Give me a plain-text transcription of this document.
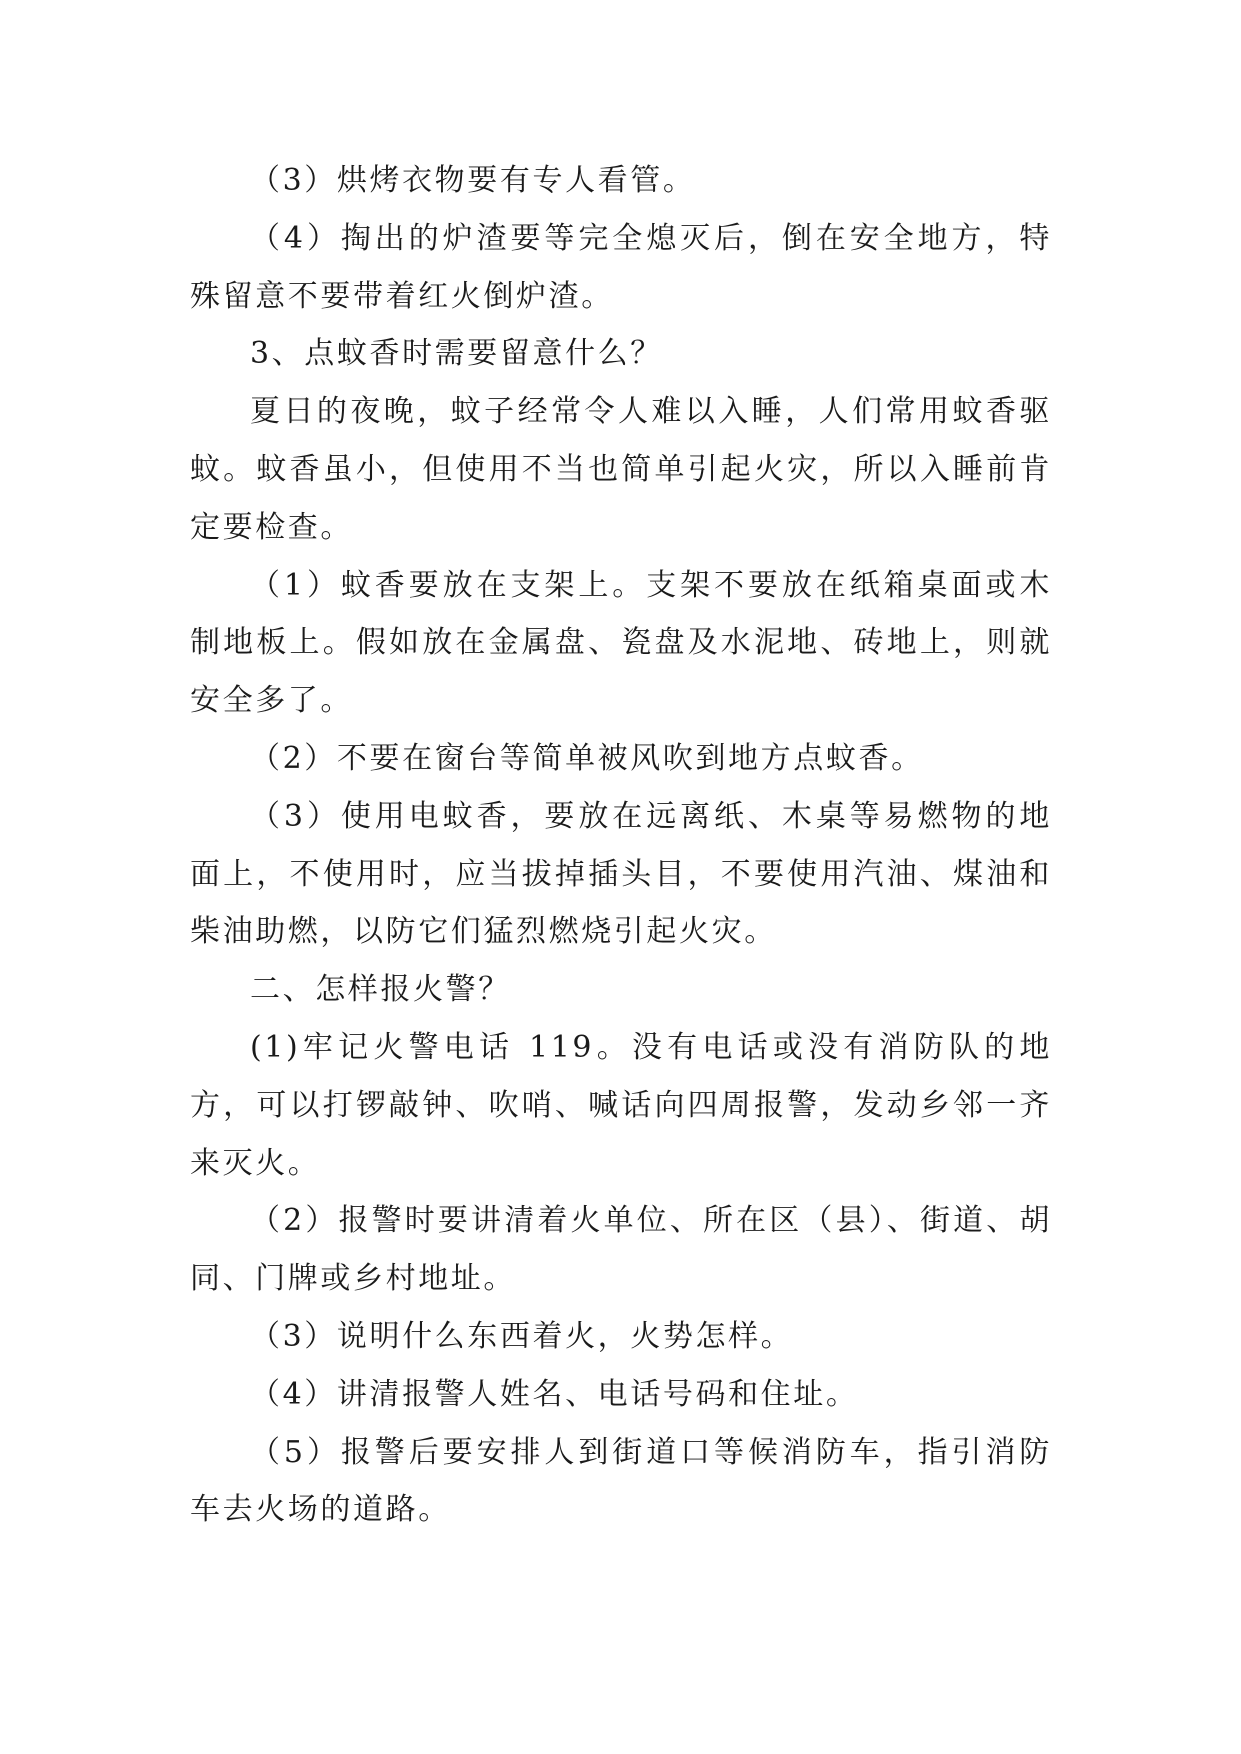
（3）烘烤衣物要有专人看管。

（4）掏出的炉渣要等完全熄灭后，倒在安全地方，特殊留意不要带着红火倒炉渣。

3、点蚊香时需要留意什么？

夏日的夜晚，蚊子经常令人难以入睡，人们常用蚊香驱蚊。蚊香虽小，但使用不当也简单引起火灾，所以入睡前肯定要检查。

（1）蚊香要放在支架上。支架不要放在纸箱桌面或木制地板上。假如放在金属盘、瓷盘及水泥地、砖地上，则就安全多了。

（2）不要在窗台等简单被风吹到地方点蚊香。

（3）使用电蚊香，要放在远离纸、木桌等易燃物的地面上，不使用时，应当拔掉插头目，不要使用汽油、煤油和柴油助燃，以防它们猛烈燃烧引起火灾。

二、怎样报火警？

(1)牢记火警电话 119。没有电话或没有消防队的地方，可以打锣敲钟、吹哨、喊话向四周报警，发动乡邻一齐来灭火。

（2）报警时要讲清着火单位、所在区（县）、街道、胡同、门牌或乡村地址。

（3）说明什么东西着火，火势怎样。

（4）讲清报警人姓名、电话号码和住址。

（5）报警后要安排人到街道口等候消防车，指引消防车去火场的道路。
